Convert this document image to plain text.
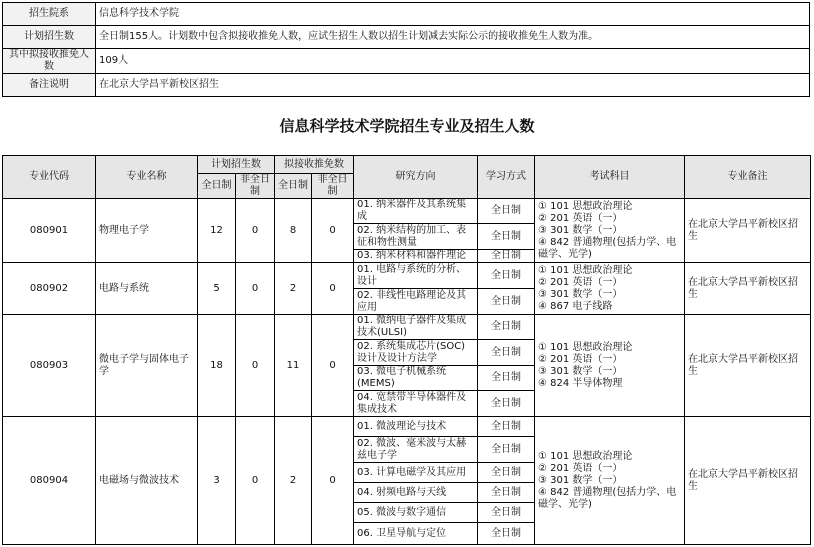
招生院系	信息科学技术学院
计划招生数	全日制155人。计划数中包含拟接收推免人数，应试生招生人数以招生计划减去实际公示的接收推免生人数为准。
其中拟接收推免人数	109人
备注说明	在北京大学昌平新校区招生
信息科学技术学院招生专业及招生人数
专业代码	专业名称	计划招生数		拟接收推免数		研究方向	学习方式	考试科目	专业备注
		全日制	非全日制	全日制	非全日制				
080901	物理电子学	12	0	8	0	01. 纳米器件及其系统集成	全日制	① 101 思想政治理论
② 201 英语（一）
③ 301 数学（一）
④ 842 普通物理(包括力学、电磁学、光学)	在北京大学昌平新校区招生
						02. 纳米结构的加工、表征和物性测量	全日制		
						03. 纳米材料和器件理论	全日制		
080902	电路与系统	5	0	2	0	01. 电路与系统的分析、设计	全日制	① 101 思想政治理论
② 201 英语（一）
③ 301 数学（一）
④ 867 电子线路	在北京大学昌平新校区招生
						02. 非线性电路理论及其应用	全日制		
080903	微电子学与固体电子学	18	0	11	0	01. 微纳电子器件及集成技术(ULSI)	全日制	① 101 思想政治理论
② 201 英语（一）
③ 301 数学（一）
④ 824 半导体物理	在北京大学昌平新校区招生
						02. 系统集成芯片(SOC)设计及设计方法学	全日制		
						03. 微电子机械系统(MEMS)	全日制		
						04. 宽禁带半导体器件及集成技术	全日制		
080904	电磁场与微波技术	3	0	2	0	01. 微波理论与技术	全日制	① 101 思想政治理论
② 201 英语（一）
③ 301 数学（一）
④ 842 普通物理(包括力学、电磁学、光学)	在北京大学昌平新校区招生
						02. 微波、毫米波与太赫兹电子学	全日制		
						03. 计算电磁学及其应用	全日制		
						04. 射频电路与天线	全日制		
						05. 微波与数字通信	全日制		
						06. 卫星导航与定位	全日制		
